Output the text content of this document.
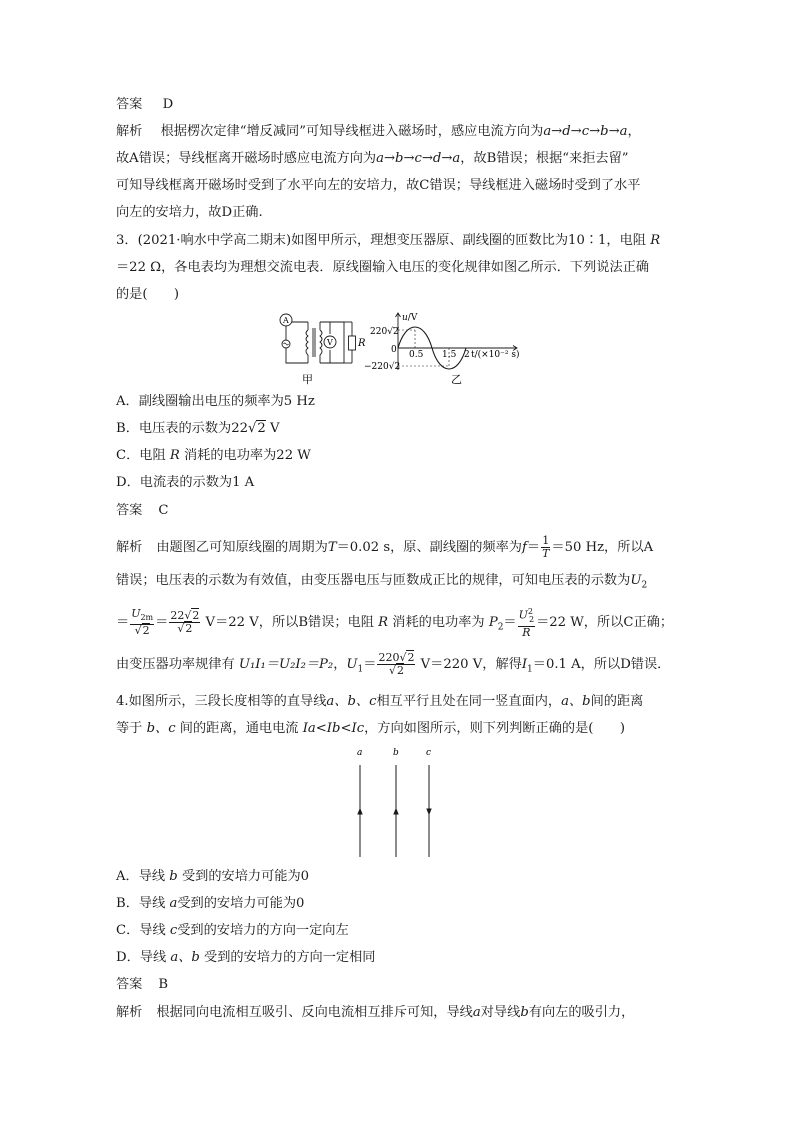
答案 D
解析 根据楞次定律“增反减同”可知导线框进入磁场时，感应电流方向为a→d→c→b→a，
故A错误；导线框离开磁场时感应电流方向为a→b→c→d→a，故B错误；根据“来拒去留”
可知导线框离开磁场时受到了水平向左的安培力，故C错误；导线框进入磁场时受到了水平
向左的安培力，故D正确.
3．(2021·响水中学高二期末)如图甲所示，理想变压器原、副线圈的匝数比为10∶1，电阻 R
＝22 Ω，各电表均为理想交流电表．原线圈输入电压的变化规律如图乙所示．下列说法正确
的是(　　)
A
V	R
甲
u/V
220√2
−220√2
0 0.5 1.5 2 t/(×10⁻² s)
乙
A．副线圈输出电压的频率为5 Hz
B．电压表的示数为22√2 V
C．电阻 R 消耗的电功率为22 W
D．电流表的示数为1 A
答案 C
解析 由题图乙可知原线圈的周期为T＝0.02 s，原、副线圈的频率为$f= \frac{1}{T} =50$ Hz，所以A
错误；电压表的示数为有效值，由变压器电压与匝数成正比的规律，可知电压表的示数为$U_2$
＝ $\frac{U_{2m}}{√2} = \frac{22√2}{√2} V=22$ V，所以B错误；电阻 R 消耗的电功率为 $P_2= \frac{U^2_2}{R} =22$ W，所以C正确；
由变压器功率规律有 U₁I₁＝U₂I₂＝P₂，$U_1= \frac{220√2}{√2} V=220$ V，解得$I_1=0.1$ A，所以D错误．
4.如图所示，三段长度相等的直导线a、b、c相互平行且处在同一竖直面内，a、b间的距离
等于 b、c 间的距离，通电电流 Ia<Ib<Ic，方向如图所示，则下列判断正确的是(　　)
a	b	c
A．导线 b 受到的安培力可能为0
B．导线 a受到的安培力可能为0
C．导线 c受到的安培力的方向一定向左
D．导线 a、b 受到的安培力的方向一定相同
答案 B
解析 根据同向电流相互吸引、反向电流相互排斥可知，导线a对导线b有向左的吸引力，
